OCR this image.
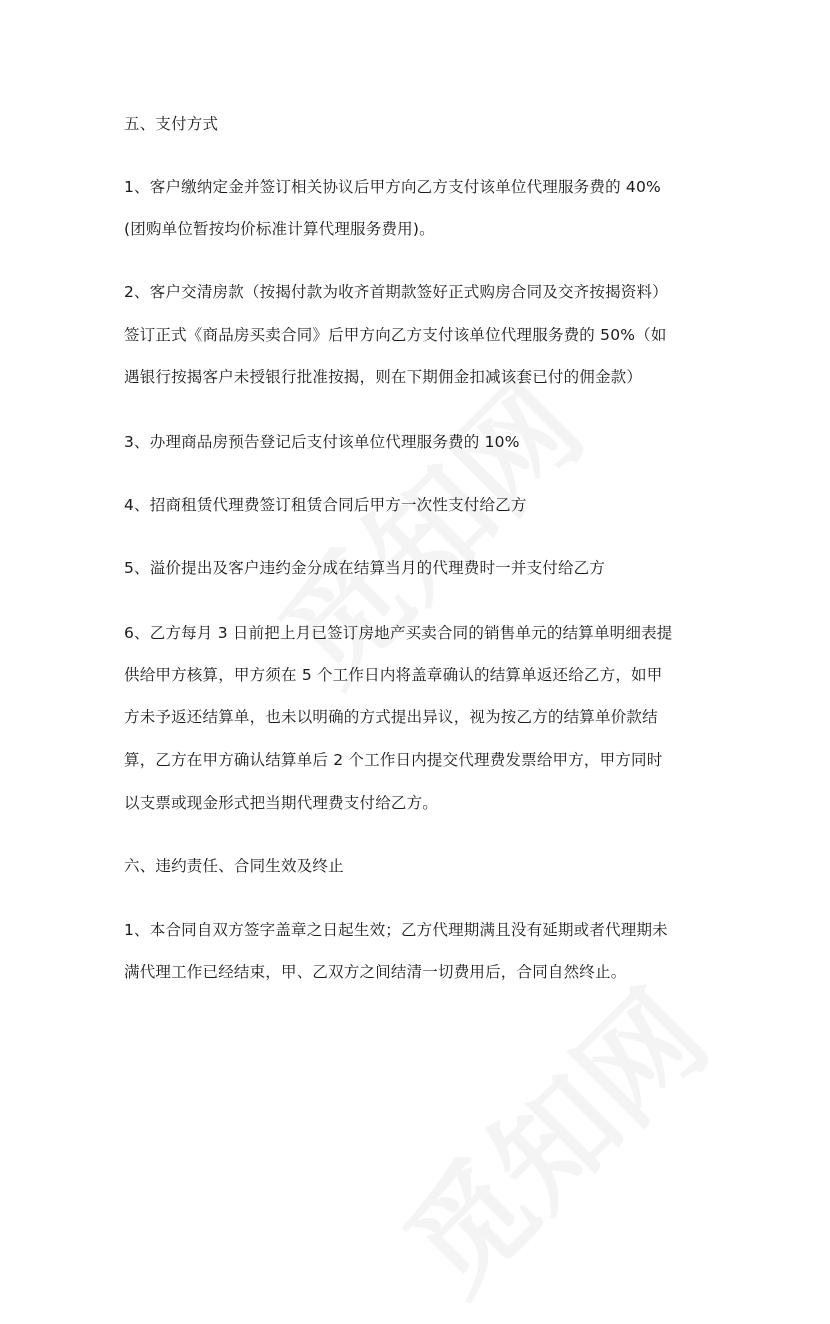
五、支付方式
1、客户缴纳定金并签订相关协议后甲方向乙方支付该单位代理服务费的 40%
(团购单位暂按均价标准计算代理服务费用)。
2、客户交清房款（按揭付款为收齐首期款签好正式购房合同及交齐按揭资料）
签订正式《商品房买卖合同》后甲方向乙方支付该单位代理服务费的 50%（如
遇银行按揭客户未授银行批准按揭，则在下期佣金扣减该套已付的佣金款）
3、办理商品房预告登记后支付该单位代理服务费的 10%
4、招商租赁代理费签订租赁合同后甲方一次性支付给乙方
5、溢价提出及客户违约金分成在结算当月的代理费时一并支付给乙方
6、乙方每月 3 日前把上月已签订房地产买卖合同的销售单元的结算单明细表提
供给甲方核算，甲方须在 5 个工作日内将盖章确认的结算单返还给乙方，如甲
方未予返还结算单，也未以明确的方式提出异议，视为按乙方的结算单价款结
算，乙方在甲方确认结算单后 2 个工作日内提交代理费发票给甲方，甲方同时
以支票或现金形式把当期代理费支付给乙方。
六、违约责任、合同生效及终止
1、本合同自双方签字盖章之日起生效；乙方代理期满且没有延期或者代理期未
满代理工作已经结束，甲、乙双方之间结清一切费用后，合同自然终止。
